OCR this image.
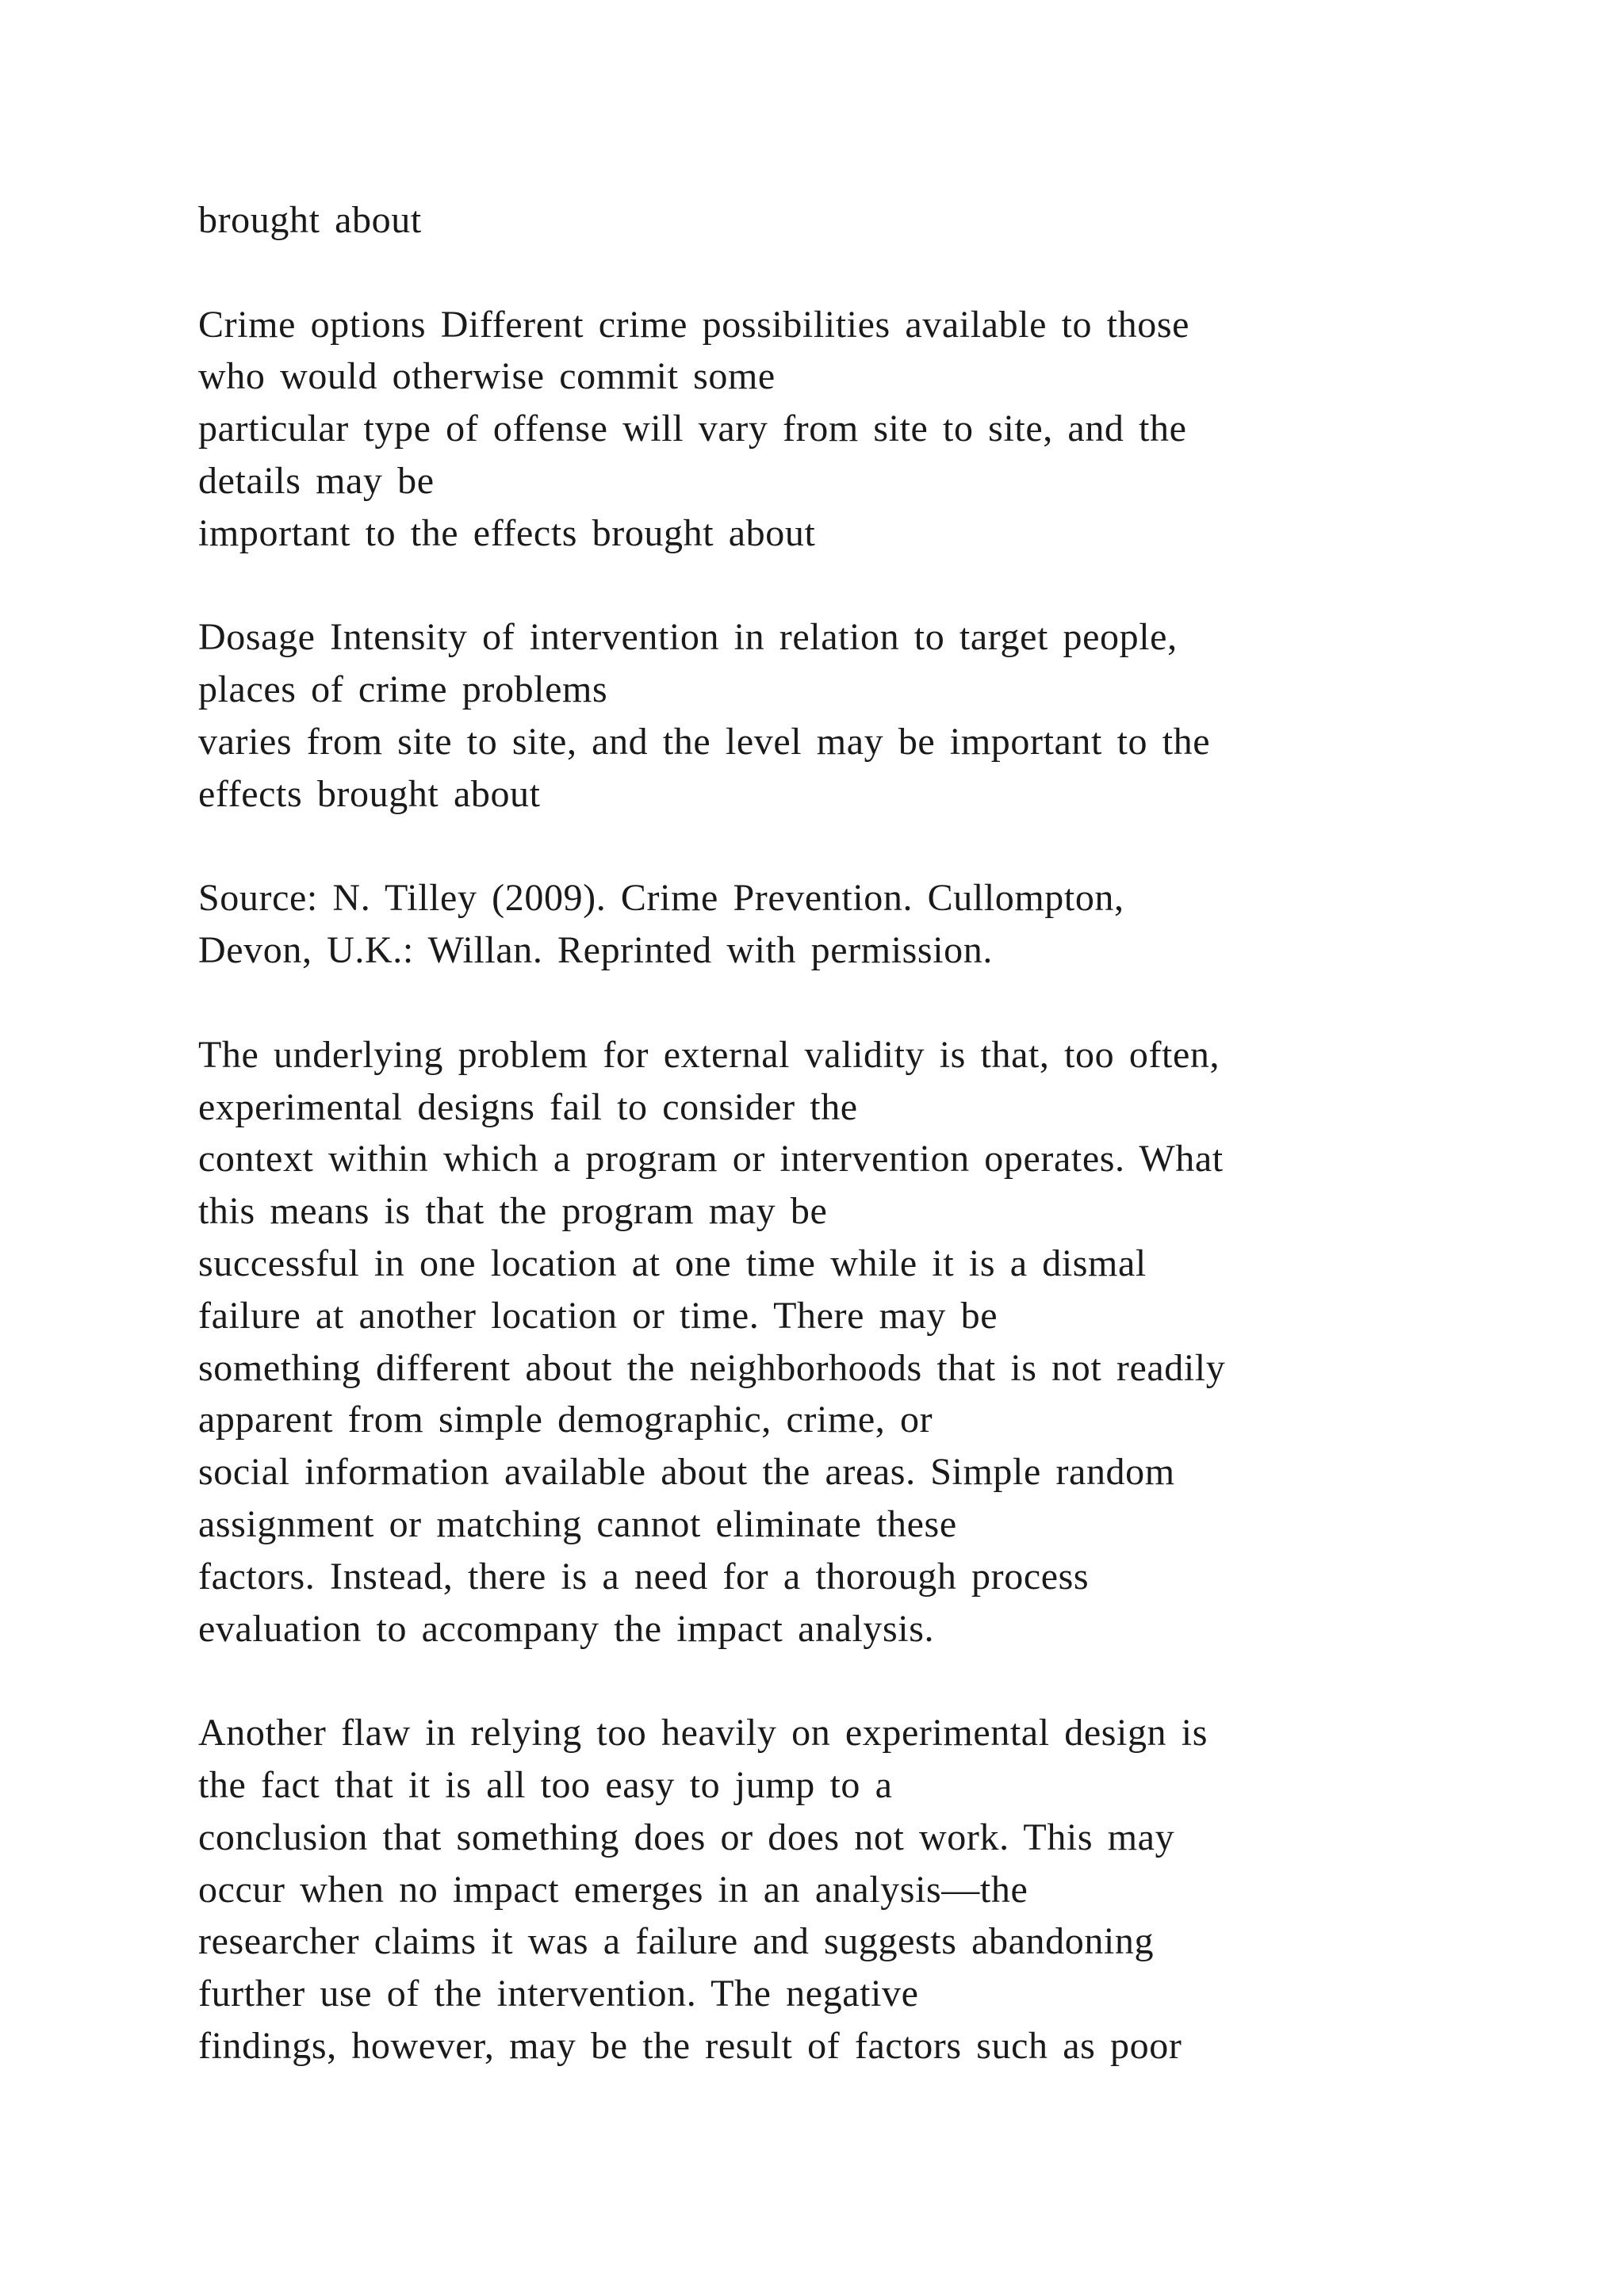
brought about
Crime options Different crime possibilities available to those
who would otherwise commit some
particular type of offense will vary from site to site, and the
details may be
important to the effects brought about
Dosage Intensity of intervention in relation to target people,
places of crime problems
varies from site to site, and the level may be important to the
effects brought about
Source: N. Tilley (2009). Crime Prevention. Cullompton,
Devon, U.K.: Willan. Reprinted with permission.
The underlying problem for external validity is that, too often,
experimental designs fail to consider the
context within which a program or intervention operates. What
this means is that the program may be
successful in one location at one time while it is a dismal
failure at another location or time. There may be
something different about the neighborhoods that is not readily
apparent from simple demographic, crime, or
social information available about the areas. Simple random
assignment or matching cannot eliminate these
factors. Instead, there is a need for a thorough process
evaluation to accompany the impact analysis.
Another flaw in relying too heavily on experimental design is
the fact that it is all too easy to jump to a
conclusion that something does or does not work. This may
occur when no impact emerges in an analysis—the
researcher claims it was a failure and suggests abandoning
further use of the intervention. The negative
findings, however, may be the result of factors such as poor
